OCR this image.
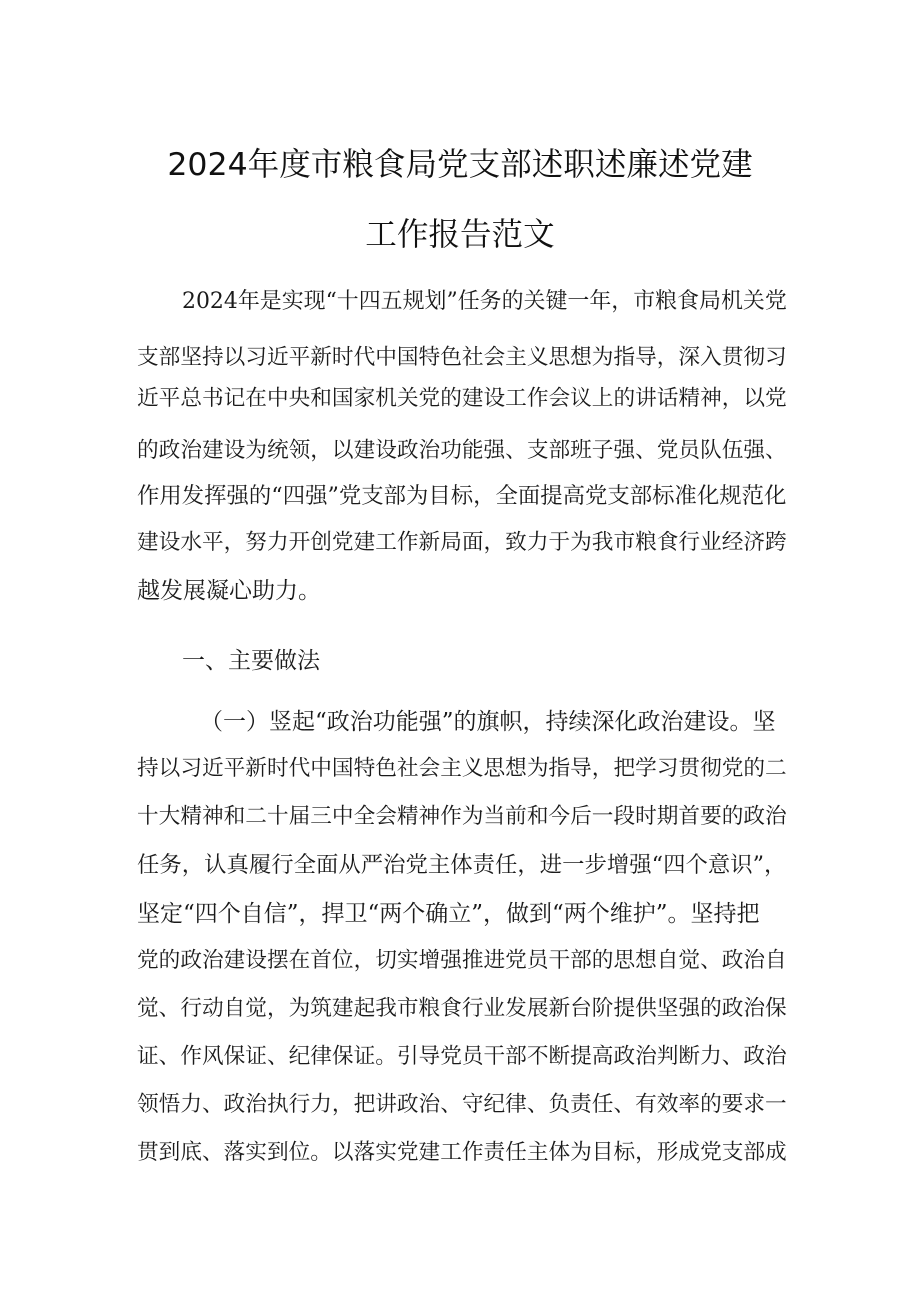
2024年度市粮食局党支部述职述廉述党建
工作报告范文
2024年是实现“十四五规划”任务的关键一年，市粮食局机关党
支部坚持以习近平新时代中国特色社会主义思想为指导，深入贯彻习
近平总书记在中央和国家机关党的建设工作会议上的讲话精神，以党
的政治建设为统领，以建设政治功能强、支部班子强、党员队伍强、
作用发挥强的“四强”党支部为目标，全面提高党支部标准化规范化
建设水平，努力开创党建工作新局面，致力于为我市粮食行业经济跨
越发展凝心助力。
一、主要做法
（一）竖起“政治功能强”的旗帜，持续深化政治建设。坚
持以习近平新时代中国特色社会主义思想为指导，把学习贯彻党的二
十大精神和二十届三中全会精神作为当前和今后一段时期首要的政治
任务，认真履行全面从严治党主体责任，进一步增强“四个意识”，
坚定“四个自信”，捍卫“两个确立”，做到“两个维护”。坚持把
党的政治建设摆在首位，切实增强推进党员干部的思想自觉、政治自
觉、行动自觉，为筑建起我市粮食行业发展新台阶提供坚强的政治保
证、作风保证、纪律保证。引导党员干部不断提高政治判断力、政治
领悟力、政治执行力，把讲政治、守纪律、负责任、有效率的要求一
贯到底、落实到位。以落实党建工作责任主体为目标，形成党支部成
